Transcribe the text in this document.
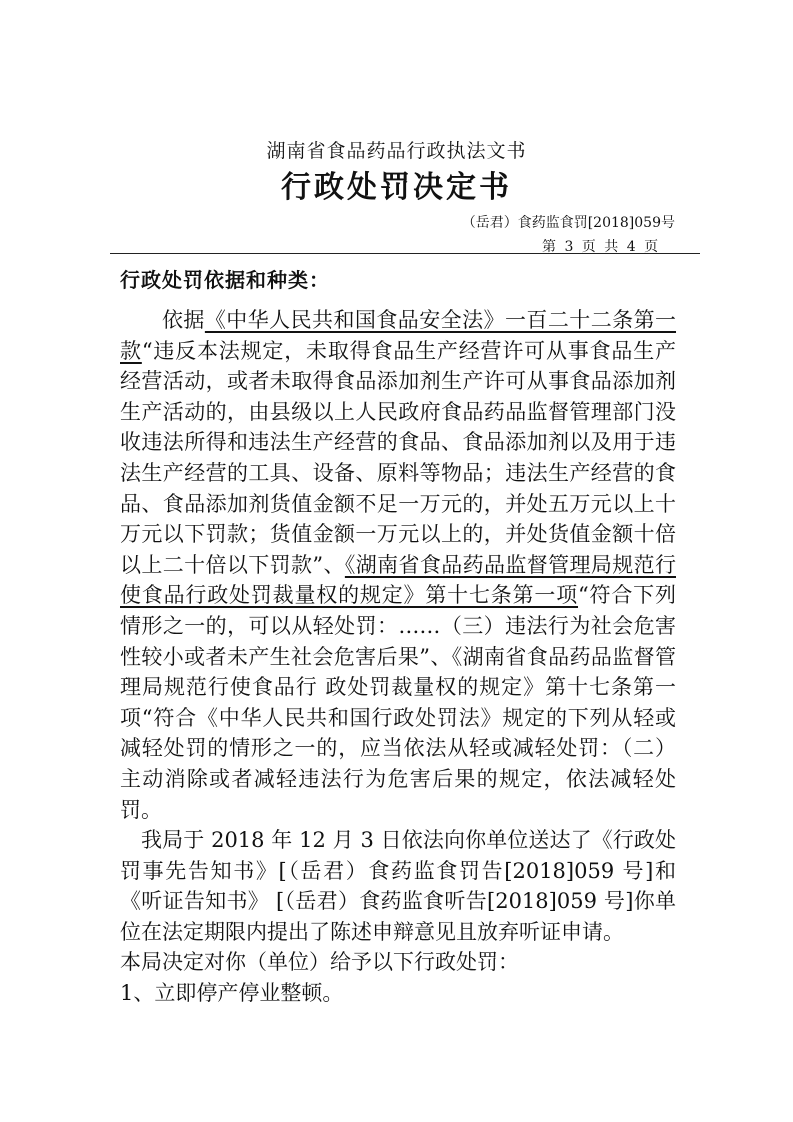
湖南省食品药品行政执法文书
行政处罚决定书
（岳君）食药监食罚[2018]059号
第 3 页 共 4 页
行政处罚依据和种类：

依据《中华人民共和国食品安全法》一百二十二条第一款“违反本法规定，未取得食品生产经营许可从事食品生产经营活动，或者未取得食品添加剂生产许可从事食品添加剂生产活动的，由县级以上人民政府食品药品监督管理部门没收违法所得和违法生产经营的食品、食品添加剂以及用于违法生产经营的工具、设备、原料等物品；违法生产经营的食品、食品添加剂货值金额不足一万元的，并处五万元以上十万元以下罚款；货值金额一万元以上的，并处货值金额十倍以上二十倍以下罚款”、《湖南省食品药品监督管理局规范行使食品行政处罚裁量权的规定》第十七条第一项“符合下列情形之一的，可以从轻处罚：……（三）违法行为社会危害性较小或者未产生社会危害后果”、《湖南省食品药品监督管理局规范行使食品行 政处罚裁量权的规定》第十七条第一项“符合《中华人民共和国行政处罚法》规定的下列从轻或减轻处罚的情形之一的，应当依法从轻或减轻处罚：（二）主动消除或者减轻违法行为危害后果的规定，依法减轻处罚。

我局于 2018 年 12 月 3 日依法向你单位送达了《行政处罚事先告知书》[（岳君）食药监食罚告[2018]059 号]和《听证告知书》 [（岳君）食药监食听告[2018]059 号]你单位在法定期限内提出了陈述申辩意见且放弃听证申请。

本局决定对你（单位）给予以下行政处罚：

1、立即停产停业整顿。
